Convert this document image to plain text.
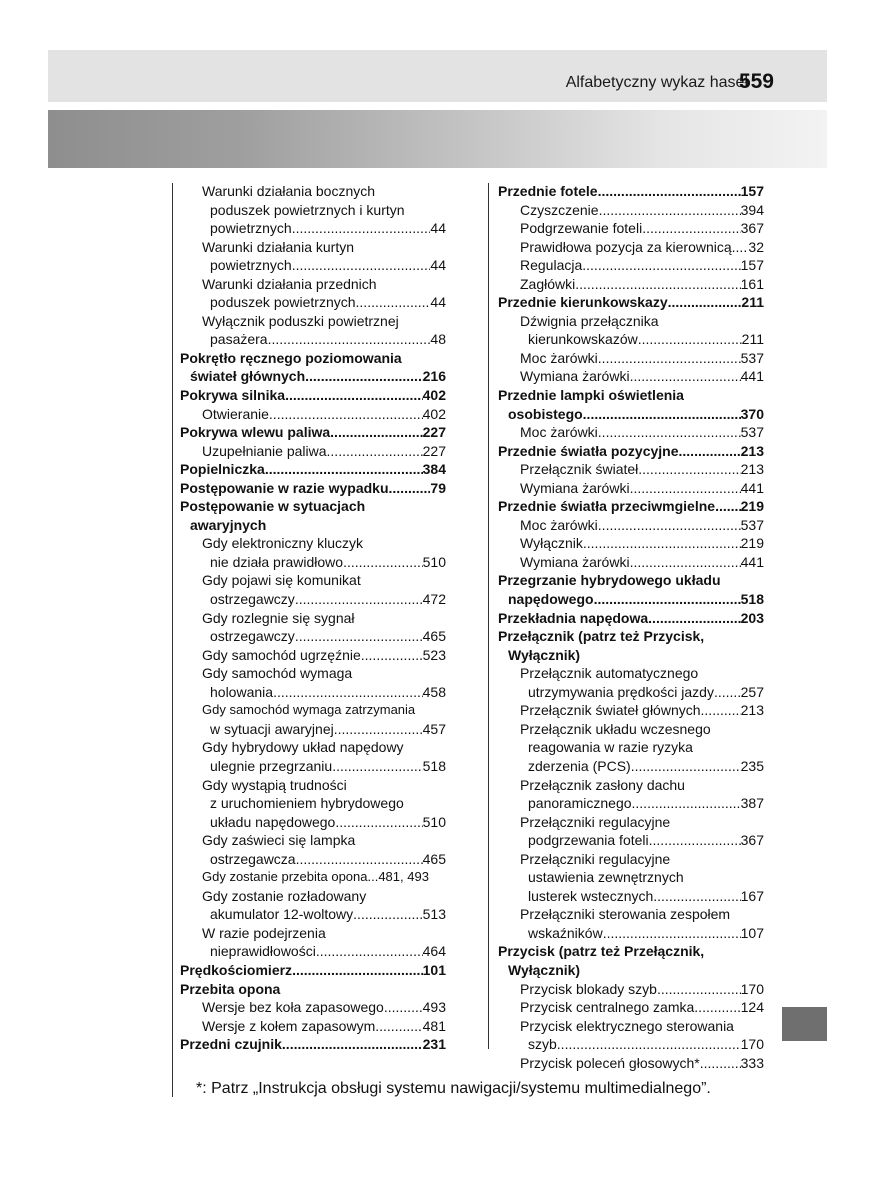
Alfabetyczny wykaz haseł
559
Warunki działania bocznych
poduszek powietrznych i kurtyn
powietrznych .....	44
Warunki działania kurtyn
powietrznych .....	44
Warunki działania przednich
poduszek powietrznych .....	44
Wyłącznik poduszki powietrznej
pasażera .....	48
Pokrętło ręcznego poziomowania
świateł głównych .....	216
Pokrywa silnika .....	402
Otwieranie .....	402
Pokrywa wlewu paliwa .....	227
Uzupełnianie paliwa .....	227
Popielniczka .....	384
Postępowanie w razie wypadku .....	79
Postępowanie w sytuacjach
awaryjnych
Gdy elektroniczny kluczyk
nie działa prawidłowo .....	510
Gdy pojawi się komunikat
ostrzegawczy .....	472
Gdy rozlegnie się sygnał
ostrzegawczy .....	465
Gdy samochód ugrzęźnie .....	523
Gdy samochód wymaga
holowania .....	458
Gdy samochód wymaga zatrzymania
w sytuacji awaryjnej .....	457
Gdy hybrydowy układ napędowy
ulegnie przegrzaniu .....	518
Gdy wystąpią trudności
z uruchomieniem hybrydowego
układu napędowego .....	510
Gdy zaświeci się lampka
ostrzegawcza .....	465
Gdy zostanie przebita opona...481, 493
Gdy zostanie rozładowany
akumulator 12-woltowy .....	513
W razie podejrzenia
nieprawidłowości .....	464
Prędkościomierz .....	101
Przebita opona
Wersje bez koła zapasowego .....	493
Wersje z kołem zapasowym .....	481
Przedni czujnik .....	231
Przednie fotele .....	157
Czyszczenie .....	394
Podgrzewanie foteli .....	367
Prawidłowa pozycja za kierownicą ..... 32
Regulacja .....	157
Zagłówki .....	161
Przednie kierunkowskazy .....	211
Dźwignia przełącznika
kierunkowskazów .....	211
Moc żarówki .....	537
Wymiana żarówki .....	441
Przednie lampki oświetlenia
osobistego .....	370
Moc żarówki .....	537
Przednie światła pozycyjne .....	213
Przełącznik świateł .....	213
Wymiana żarówki .....	441
Przednie światła przeciwmgielne ..... 219
Moc żarówki .....	537
Wyłącznik .....	219
Wymiana żarówki .....	441
Przegrzanie hybrydowego układu
napędowego .....	518
Przekładnia napędowa .....	203
Przełącznik (patrz też Przycisk,
Wyłącznik)
Przełącznik automatycznego
utrzymywania prędkości jazdy ..... 257
Przełącznik świateł głównych .....	213
Przełącznik układu wczesnego
reagowania w razie ryzyka
zderzenia (PCS) .....	235
Przełącznik zasłony dachu
panoramicznego .....	387
Przełączniki regulacyjne
podgrzewania foteli .....	367
Przełączniki regulacyjne
ustawienia zewnętrznych
lusterek wstecznych .....	167
Przełączniki sterowania zespołem
wskaźników .....	107
Przycisk (patrz też Przełącznik,
Wyłącznik)
Przycisk blokady szyb .....	170
Przycisk centralnego zamka .....	124
Przycisk elektrycznego sterowania
szyb .....	170
Przycisk poleceń głosowych* .....	333
*: Patrz „Instrukcja obsługi systemu nawigacji/systemu multimedialnego”.
